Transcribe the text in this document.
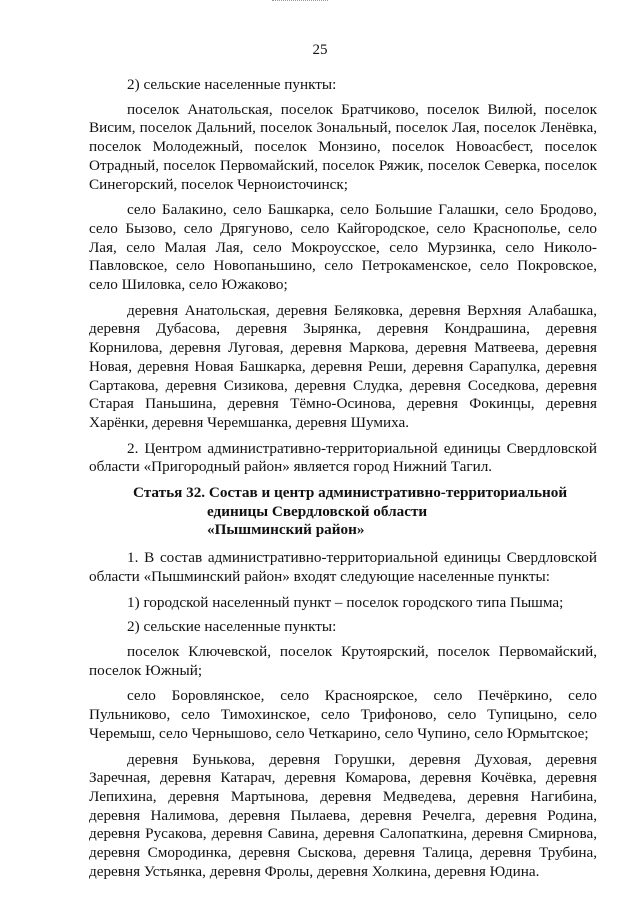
25

2) сельские населенные пункты:

поселок Анатольская, поселок Братчиково, поселок Вилюй, поселок Висим, поселок Дальний, поселок Зональный, поселок Лая, поселок Ленёвка, поселок Молодежный, поселок Монзино, поселок Новоасбест, поселок Отрадный, поселок Первомайский, поселок Ряжик, поселок Северка, поселок Синегорский, поселок Черноисточинск;

село Балакино, село Башкарка, село Большие Галашки, село Бродово, село Бызово, село Дрягуново, село Кайгородское, село Краснополье, село Лая, село Малая Лая, село Мокроусское, село Мурзинка, село Николо-Павловское, село Новопаньшино, село Петрокаменское, село Покровское, село Шиловка, село Южаково;

деревня Анатольская, деревня Беляковка, деревня Верхняя Алабашка, деревня Дубасова, деревня Зырянка, деревня Кондрашина, деревня Корнилова, деревня Луговая, деревня Маркова, деревня Матвеева, деревня Новая, деревня Новая Башкарка, деревня Реши, деревня Сарапулка, деревня Сартакова, деревня Сизикова, деревня Слудка, деревня Соседкова, деревня Старая Паньшина, деревня Тёмно-Осинова, деревня Фокинцы, деревня Харёнки, деревня Черемшанка, деревня Шумиха.

2. Центром административно-территориальной единицы Свердловской области «Пригородный район» является город Нижний Тагил.

Статья 32. Состав и центр административно-территориальной
единицы Свердловской области
«Пышминский район»

1. В состав административно-территориальной единицы Свердловской области «Пышминский район» входят следующие населенные пункты:

1) городской населенный пункт – поселок городского типа Пышма;

2) сельские населенные пункты:

поселок Ключевской, поселок Крутоярский, поселок Первомайский, поселок Южный;

село Боровлянское, село Красноярское, село Печёркино, село Пульниково, село Тимохинское, село Трифоново, село Тупицыно, село Черемыш, село Чернышово, село Четкарино, село Чупино, село Юрмытское;

деревня Бунькова, деревня Горушки, деревня Духовая, деревня Заречная, деревня Катарач, деревня Комарова, деревня Кочёвка, деревня Лепихина, деревня Мартынова, деревня Медведева, деревня Нагибина, деревня Налимова, деревня Пылаева, деревня Речелга, деревня Родина, деревня Русакова, деревня Савина, деревня Салопаткина, деревня Смирнова, деревня Смородинка, деревня Сыскова, деревня Талица, деревня Трубина, деревня Устьянка, деревня Фролы, деревня Холкина, деревня Юдина.
